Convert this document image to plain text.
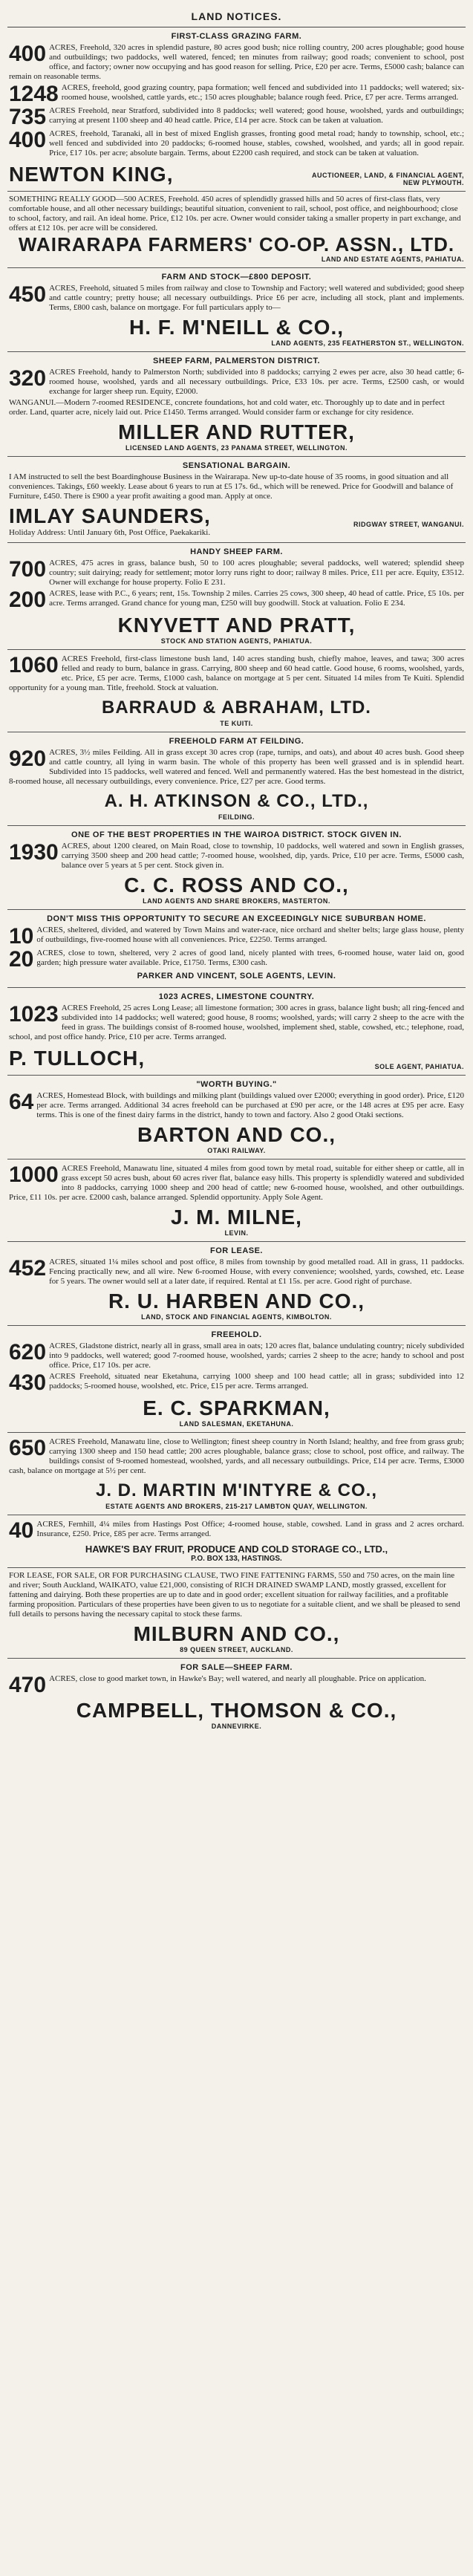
LAND NOTICES.
FIRST-CLASS GRAZING FARM.
400 ACRES, Freehold, 320 acres in splendid pasture, 80 acres good bush; nice rolling country, 200 acres ploughable; good house and outbuildings; two paddocks, well watered, fenced; ten minutes from railway; good roads; convenient to school, post office, and factory; owner now occupying and has good reason for selling. Price, £20 per acre. Terms, £5000 cash; balance can remain on reasonable terms.
1248 ACRES, freehold, good grazing country, papa formation; well fenced and subdivided into 11 paddocks; well watered; six-roomed house, woolshed, cattle yards, etc.; 150 acres ploughable; balance rough feed. Price, £7 per acre. Terms arranged.
735 ACRES Freehold, near Stratford, subdivided into 8 paddocks; well watered; good house, woolshed, yards and outbuildings; carrying at present 1100 sheep and 40 head cattle. Price, £14 per acre. Stock can be taken at valuation.
400 ACRES, freehold, Taranaki, all in best of mixed English grasses, fronting good metal road; handy to township, school, etc.; well fenced and subdivided into 20 paddocks; 6-roomed house, stables, cowshed, woolshed, and yards; all in good repair. Price, £17 10s. per acre; absolute bargain. Terms, about £2200 cash required, and stock can be taken at valuation.
NEWTON KING,	AUCTIONEER, LAND, & FINANCIAL AGENT, NEW PLYMOUTH.
SOMETHING REALLY GOOD—500 ACRES, Freehold. 450 acres of splendidly grassed hills and 50 acres of first-class flats, very comfortable house, and all other necessary buildings; beautiful situation, convenient to rail, school, post office, and neighbourhood; close to school, factory, and rail. An ideal home. Price, £12 10s. per acre. Owner would consider taking a smaller property in part exchange, and offers at £12 10s. per acre will be considered.
WAIRARAPA FARMERS' CO-OP. ASSN., LTD.
LAND AND ESTATE AGENTS, PAHIATUA.
FARM AND STOCK—£800 DEPOSIT.
450 ACRES, Freehold, situated 5 miles from railway and close to Township and Factory; well watered and subdivided; good sheep and cattle country; pretty house; all necessary outbuildings. Price £6 per acre, including all stock, plant and implements. Terms, £800 cash, balance on mortgage. For full particulars apply to—
H. F. M'NEILL & CO.,
LAND AGENTS, 235 FEATHERSTON ST., WELLINGTON.
SHEEP FARM, PALMERSTON DISTRICT.
320 ACRES Freehold, handy to Palmerston North; subdivided into 8 paddocks; carrying 2 ewes per acre, also 30 head cattle; 6-roomed house, woolshed, yards and all necessary outbuildings. Price, £33 10s. per acre. Terms, £2500 cash, or would exchange for larger sheep run. Equity, £2000.
WANGANUI.—Modern 7-roomed RESIDENCE, concrete foundations, hot and cold water, etc. Thoroughly up to date and in perfect order. Land, quarter acre, nicely laid out. Price £1450. Terms arranged. Would consider farm or exchange for city residence.
MILLER AND RUTTER,
LICENSED LAND AGENTS, 23 PANAMA STREET, WELLINGTON.
SENSATIONAL BARGAIN.
I AM instructed to sell the best Boardinghouse Business in the Wairarapa. New up-to-date house of 35 rooms, in good situation and all conveniences. Takings, £60 weekly. Lease about 6 years to run at £5 17s. 6d., which will be renewed. Price for Goodwill and balance of Furniture, £450. There is £900 a year profit awaiting a good man. Apply at once.
IMLAY SAUNDERS,	RIDGWAY STREET, WANGANUI.
Holiday Address: Until January 6th, Post Office, Paekakariki.
HANDY SHEEP FARM.
700 ACRES, 475 acres in grass, balance bush, 50 to 100 acres ploughable; several paddocks, well watered; splendid sheep country; suit dairying; ready for settlement; motor lorry runs right to door; railway 8 miles. Price, £11 per acre. Equity, £3512. Owner will exchange for house property. Folio E 231.
200 ACRES, lease with P.C., 6 years; rent, 15s. Township 2 miles. Carries 25 cows, 300 sheep, 40 head of cattle. Price, £5 10s. per acre. Terms arranged. Grand chance for young man, £250 will buy goodwill. Stock at valuation. Folio E 234.
KNYVETT AND PRATT,
STOCK AND STATION AGENTS, PAHIATUA.
1060 ACRES Freehold, first-class limestone bush land, 140 acres standing bush, chiefly mahoe, leaves, and tawa; 300 acres felled and ready to burn, balance in grass. Carrying, 800 sheep and 60 head cattle. Good house, 6 rooms, woolshed, yards, etc. Price, £5 per acre. Terms, £1000 cash, balance on mortgage at 5 per cent. Situated 14 miles from Te Kuiti. Splendid opportunity for a young man. Title, freehold. Stock at valuation.
BARRAUD & ABRAHAM, LTD.
TE KUITI.
FREEHOLD FARM AT FEILDING.
920 ACRES, 3½ miles Feilding. All in grass except 30 acres crop (rape, turnips, and oats), and about 40 acres bush. Good sheep and cattle country, all lying in warm basin. The whole of this property has been well grassed and is in splendid heart. Subdivided into 15 paddocks, well watered and fenced. Well and permanently watered. Has the best homestead in the district, 8-roomed house, all necessary outbuildings, every convenience. Price, £27 per acre. Good terms.
A. H. ATKINSON & CO., LTD.,
FEILDING.
ONE OF THE BEST PROPERTIES IN THE WAIROA DISTRICT. STOCK GIVEN IN.
1930 ACRES, about 1200 cleared, on Main Road, close to township, 10 paddocks, well watered and sown in English grasses, carrying 3500 sheep and 200 head cattle; 7-roomed house, woolshed, dip, yards. Price, £10 per acre. Terms, £5000 cash, balance over 5 years at 5 per cent. Stock given in.
C. C. ROSS AND CO.,
LAND AGENTS AND SHARE BROKERS, MASTERTON.
DON'T MISS THIS OPPORTUNITY TO SECURE AN EXCEEDINGLY NICE SUBURBAN HOME.
10 ACRES, sheltered, divided, and watered by Town Mains and water-race, nice orchard and shelter belts; large glass house, plenty of outbuildings, five-roomed house with all conveniences. Price, £2250. Terms arranged.
20 ACRES, close to town, sheltered, very 2 acres of good land, nicely planted with trees, 6-roomed house, water laid on, good garden; high pressure water available. Price, £1750. Terms, £300 cash.
PARKER AND VINCENT, SOLE AGENTS, LEVIN.
1023 ACRES, LIMESTONE COUNTRY.
1023 ACRES Freehold, 25 acres Long Lease; all limestone formation; 300 acres in grass, balance light bush; all ring-fenced and subdivided into 14 paddocks; well watered; good house, 8 rooms; woolshed, yards; will carry 2 sheep to the acre with the feed in grass. The buildings consist of 8-roomed house, woolshed, implement shed, stable, cowshed, etc.; telephone, road, school, and post office handy. Price, £10 per acre. Terms arranged.
P. TULLOCH,	SOLE AGENT, PAHIATUA.
"WORTH BUYING."
64 ACRES, Homestead Block, with buildings and milking plant (buildings valued over £2000; everything in good order). Price, £120 per acre. Terms arranged. Additional 34 acres freehold can be purchased at £90 per acre, or the 148 acres at £95 per acre. Easy terms. This is one of the finest dairy farms in the district, handy to town and factory. Also 2 good Otaki sections.
BARTON AND CO.,
OTAKI RAILWAY.
1000 ACRES Freehold, Manawatu line, situated 4 miles from good town by metal road, suitable for either sheep or cattle, all in grass except 50 acres bush, about 60 acres river flat, balance easy hills. This property is splendidly watered and subdivided into 8 paddocks, carrying 1000 sheep and 200 head of cattle; new 6-roomed house, woolshed, and other outbuildings. Price, £11 10s. per acre. £2000 cash, balance arranged. Splendid opportunity. Apply Sole Agent.
J. M. MILNE,
LEVIN.
FOR LEASE.
452 ACRES, situated 1¼ miles school and post office, 8 miles from township by good metalled road. All in grass, 11 paddocks. Fencing practically new, and all wire. New 6-roomed House, with every convenience; woolshed, yards, cowshed, etc. Lease for 5 years. The owner would sell at a later date, if required. Rental at £1 15s. per acre. Good right of purchase.
R. U. HARBEN AND CO.,
LAND, STOCK AND FINANCIAL AGENTS, KIMBOLTON.
FREEHOLD.
620 ACRES, Gladstone district, nearly all in grass, small area in oats; 120 acres flat, balance undulating country; nicely subdivided into 9 paddocks, well watered; good 7-roomed house, woolshed, yards; carries 2 sheep to the acre; handy to school and post office. Price, £17 10s. per acre.
430 ACRES Freehold, situated near Eketahuna, carrying 1000 sheep and 100 head cattle; all in grass; subdivided into 12 paddocks; 5-roomed house, woolshed, etc. Price, £15 per acre. Terms arranged.
E. C. SPARKMAN,
LAND SALESMAN, EKETAHUNA.
650 ACRES Freehold, Manawatu line, close to Wellington; finest sheep country in North Island; healthy, and free from grass grub; carrying 1300 sheep and 150 head cattle; 200 acres ploughable, balance grass; close to school, post office, and railway. The buildings consist of 9-roomed homestead, woolshed, yards, and all necessary outbuildings. Price, £14 per acre. Terms, £3000 cash, balance on mortgage at 5½ per cent.
J. D. MARTIN M'INTYRE & CO.,
ESTATE AGENTS AND BROKERS, 215-217 LAMBTON QUAY, WELLINGTON.
40 ACRES, Fernhill, 4¼ miles from Hastings Post Office; 4-roomed house, stable, cowshed. Land in grass and 2 acres orchard. Insurance, £250. Price, £85 per acre. Terms arranged.
HAWKE'S BAY FRUIT, PRODUCE AND COLD STORAGE CO., LTD.,
P.O. BOX 133, HASTINGS.
FOR LEASE, FOR SALE, OR FOR PURCHASING CLAUSE, TWO FINE FATTENING FARMS, 550 and 750 acres, on the main line and river; South Auckland, WAIKATO, value £21,000, consisting of RICH DRAINED SWAMP LAND, mostly grassed, excellent for fattening and dairying. Both these properties are up to date and in good order; excellent situation for railway facilities, and a profitable farming proposition. Particulars of these properties have been given to us to negotiate for a suitable client, and we shall be pleased to send full details to persons having the necessary capital to stock these farms.
MILBURN AND CO.,
89 QUEEN STREET, AUCKLAND.
FOR SALE—SHEEP FARM.
470 ACRES, close to good market town, in Hawke's Bay; well watered, and nearly all ploughable. Price on application.
CAMPBELL, THOMSON & CO.,
DANNEVIRKE.
